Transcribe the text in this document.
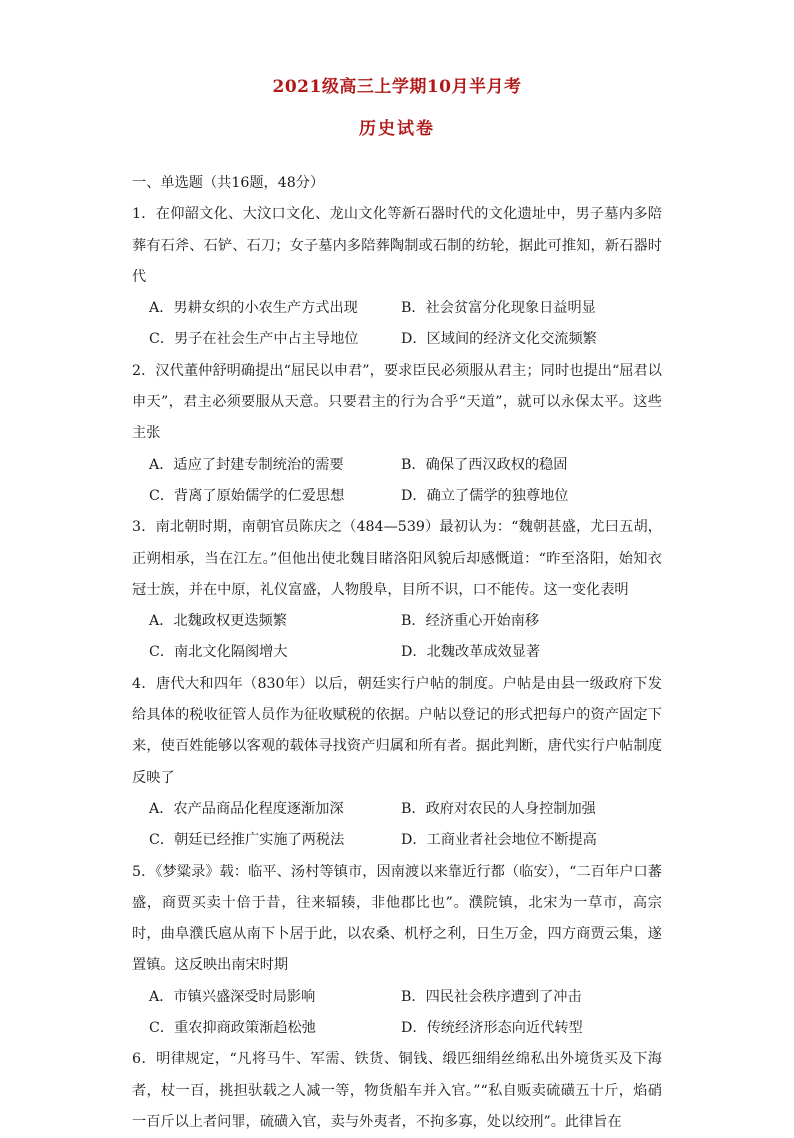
2021级高三上学期10月半月考
历史试卷

一、单选题（共16题，48分）

1．在仰韶文化、大汶口文化、龙山文化等新石器时代的文化遗址中，男子墓内多陪葬有石斧、石铲、石刀；女子墓内多陪葬陶制或石制的纺轮，据此可推知，新石器时代

A．男耕女织的小农生产方式出现	B．社会贫富分化现象日益明显
C．男子在社会生产中占主导地位	D．区域间的经济文化交流频繁

2．汉代董仲舒明确提出“屈民以申君”，要求臣民必须服从君主；同时也提出“屈君以申天”，君主必须要服从天意。只要君主的行为合乎“天道”，就可以永保太平。这些主张

A．适应了封建专制统治的需要	B．确保了西汉政权的稳固
C．背离了原始儒学的仁爱思想	D．确立了儒学的独尊地位

3．南北朝时期，南朝官员陈庆之（484—539）最初认为：“魏朝甚盛，尤曰五胡，正朔相承，当在江左。”但他出使北魏目睹洛阳风貌后却感慨道：“昨至洛阳，始知衣冠士族，并在中原，礼仪富盛，人物殷阜，目所不识，口不能传。这一变化表明

A．北魏政权更迭频繁	B．经济重心开始南移
C．南北文化隔阂增大	D．北魏改革成效显著

4．唐代大和四年（830年）以后，朝廷实行户帖的制度。户帖是由县一级政府下发给具体的税收征管人员作为征收赋税的依据。户帖以登记的形式把每户的资产固定下来，使百姓能够以客观的载体寻找资产归属和所有者。据此判断，唐代实行户帖制度反映了

A．农产品商品化程度逐渐加深	B．政府对农民的人身控制加强
C．朝廷已经推广实施了两税法	D．工商业者社会地位不断提高

5．《梦粱录》载：临平、汤村等镇市，因南渡以来靠近行都（临安），“二百年户口蕃盛，商贾买卖十倍于昔，往来辐辏，非他郡比也”。濮院镇，北宋为一草市，高宗时，曲阜濮氏扈从南下卜居于此，以农桑、机杼之利，日生万金，四方商贾云集，遂置镇。这反映出南宋时期

A．市镇兴盛深受时局影响	B．四民社会秩序遭到了冲击
C．重农抑商政策渐趋松弛	D．传统经济形态向近代转型

6．明律规定，“凡将马牛、军需、铁货、铜钱、缎匹细绢丝绵私出外境货买及下海者，杖一百，挑担驮载之人减一等，物货船车并入官。”“私自贩卖硫磺五十斤，焰硝一百斤以上者问罪，硫磺入官，卖与外夷者，不拘多寡，处以绞刑”。此律旨在
